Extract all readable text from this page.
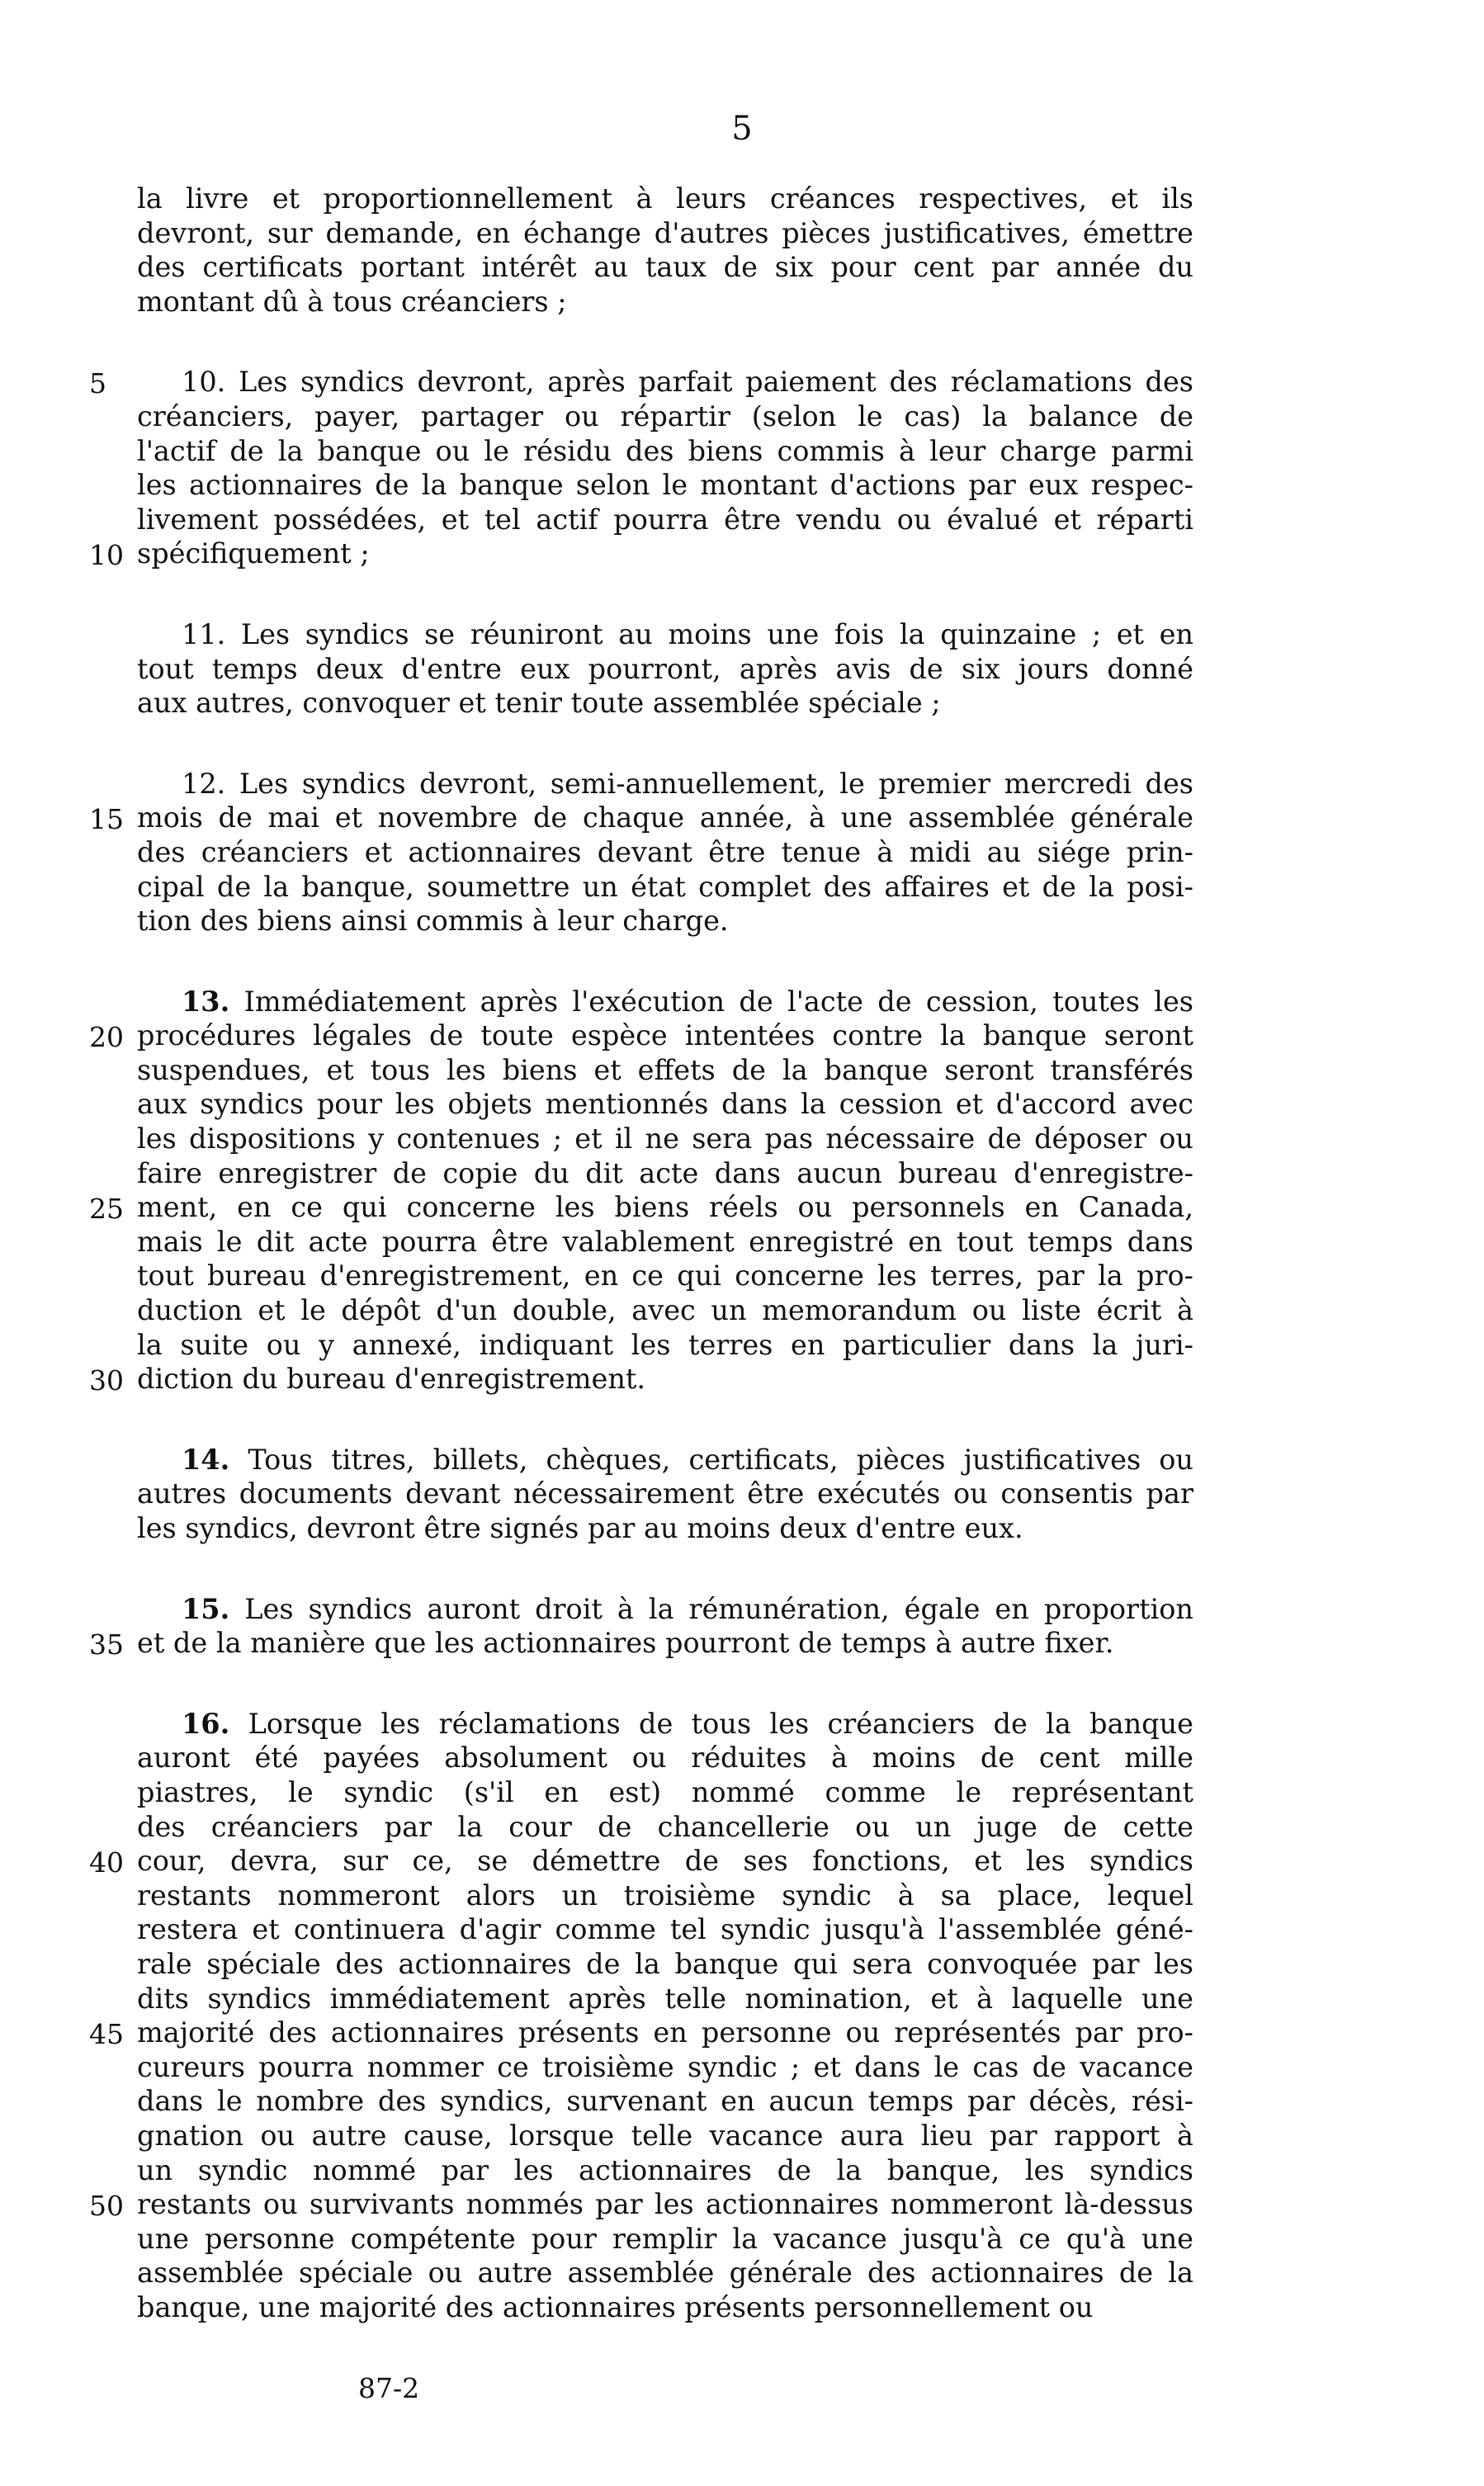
5
la livre et proportionnellement à leurs créances respectives, et ils
devront, sur demande, en échange d'autres pièces justificatives, émettre
des certificats portant intérêt au taux de six pour cent par année du
montant dû à tous créanciers ;
5	10. Les syndics devront, après parfait paiement des réclamations des
créanciers, payer, partager ou répartir (selon le cas) la balance de
l'actif de la banque ou le résidu des biens commis à leur charge parmi
les actionnaires de la banque selon le montant d'actions par eux respec-
livement possédées, et tel actif pourra être vendu ou évalué et réparti
10 spécifiquement ;
11. Les syndics se réuniront au moins une fois la quinzaine ; et en
tout temps deux d'entre eux pourront, après avis de six jours donné
aux autres, convoquer et tenir toute assemblée spéciale ;
12. Les syndics devront, semi-annuellement, le premier mercredi des
15 mois de mai et novembre de chaque année, à une assemblée générale
des créanciers et actionnaires devant être tenue à midi au siége prin-
cipal de la banque, soumettre un état complet des affaires et de la posi-
tion des biens ainsi commis à leur charge.
13. Immédiatement après l'exécution de l'acte de cession, toutes les
20 procédures légales de toute espèce intentées contre la banque seront
suspendues, et tous les biens et effets de la banque seront transférés
aux syndics pour les objets mentionnés dans la cession et d'accord avec
les dispositions y contenues ; et il ne sera pas nécessaire de déposer ou
faire enregistrer de copie du dit acte dans aucun bureau d'enregistre-
25 ment, en ce qui concerne les biens réels ou personnels en Canada,
mais le dit acte pourra être valablement enregistré en tout temps dans
tout bureau d'enregistrement, en ce qui concerne les terres, par la pro-
duction et le dépôt d'un double, avec un memorandum ou liste écrit à
la suite ou y annexé, indiquant les terres en particulier dans la juri-
30 diction du bureau d'enregistrement.
14. Tous titres, billets, chèques, certificats, pièces justificatives ou
autres documents devant nécessairement être exécutés ou consentis par
les syndics, devront être signés par au moins deux d'entre eux.
15. Les syndics auront droit à la rémunération, égale en proportion
35 et de la manière que les actionnaires pourront de temps à autre fixer.
16. Lorsque les réclamations de tous les créanciers de la banque
auront été payées absolument ou réduites à moins de cent mille
piastres, le syndic (s'il en est) nommé comme le représentant
des créanciers par la cour de chancellerie ou un juge de cette
40 cour, devra, sur ce, se démettre de ses fonctions, et les syndics
restants nommeront alors un troisième syndic à sa place, lequel
restera et continuera d'agir comme tel syndic jusqu'à l'assemblée géné-
rale spéciale des actionnaires de la banque qui sera convoquée par les
dits syndics immédiatement après telle nomination, et à laquelle une
45 majorité des actionnaires présents en personne ou représentés par pro-
cureurs pourra nommer ce troisième syndic ; et dans le cas de vacance
dans le nombre des syndics, survenant en aucun temps par décès, rési-
gnation ou autre cause, lorsque telle vacance aura lieu par rapport à
un syndic nommé par les actionnaires de la banque, les syndics
50 restants ou survivants nommés par les actionnaires nommeront là-dessus
une personne compétente pour remplir la vacance jusqu'à ce qu'à une
assemblée spéciale ou autre assemblée générale des actionnaires de la
banque, une majorité des actionnaires présents personnellement ou
87-2
